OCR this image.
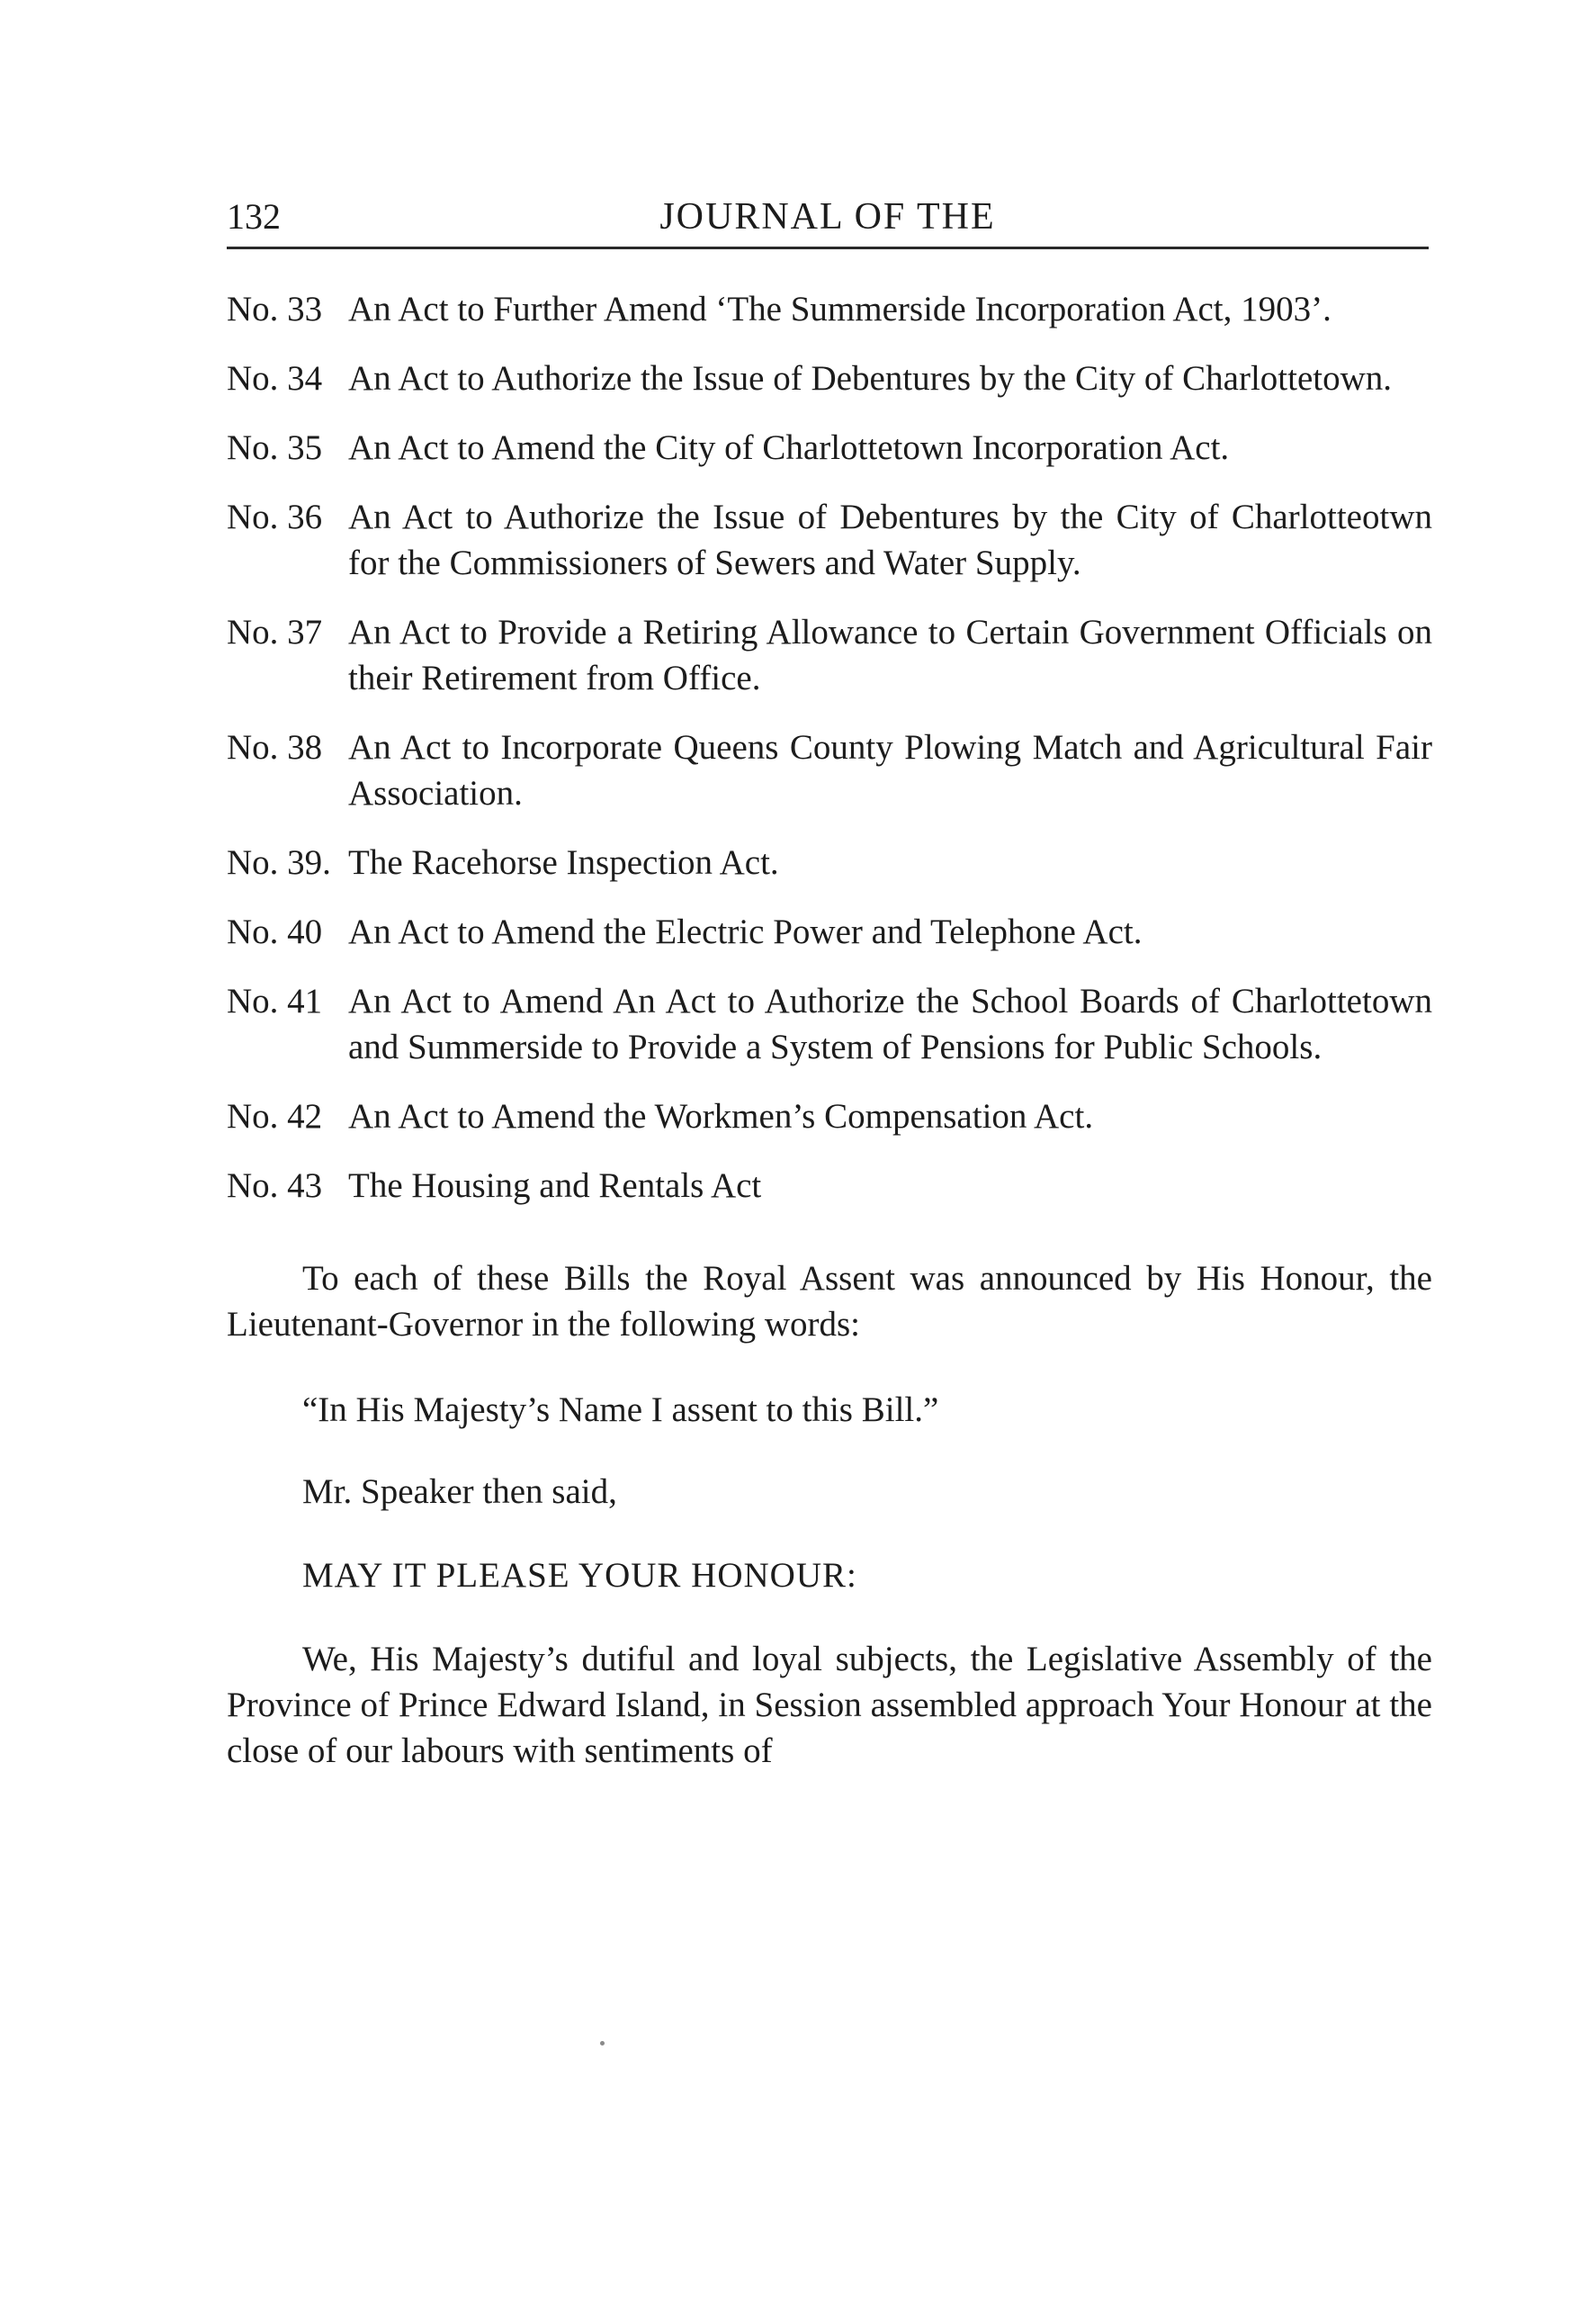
132	JOURNAL OF THE
No. 33 An Act to Further Amend ‘The Summerside Incorporation Act, 1903’.
No. 34 An Act to Authorize the Issue of Debentures by the City of Charlottetown.
No. 35 An Act to Amend the City of Charlottetown Incorporation Act.
No. 36 An Act to Authorize the Issue of Debentures by the City of Charlotteotwn for the Commissioners of Sewers and Water Supply.
No. 37 An Act to Provide a Retiring Allowance to Certain Government Officials on their Retirement from Office.
No. 38 An Act to Incorporate Queens County Plowing Match and Agricultural Fair Association.
No. 39. The Racehorse Inspection Act.
No. 40 An Act to Amend the Electric Power and Telephone Act.
No. 41 An Act to Amend An Act to Authorize the School Boards of Charlottetown and Summerside to Provide a System of Pensions for Public Schools.
No. 42 An Act to Amend the Workmen’s Compensation Act.
No. 43 The Housing and Rentals Act

To each of these Bills the Royal Assent was announced by His Honour, the Lieutenant-Governor in the following words:

“In His Majesty’s Name I assent to this Bill.”

Mr. Speaker then said,

MAY IT PLEASE YOUR HONOUR:

We, His Majesty’s dutiful and loyal subjects, the Legislative Assembly of the Province of Prince Edward Island, in Session assembled approach Your Honour at the close of our labours with sentiments of
